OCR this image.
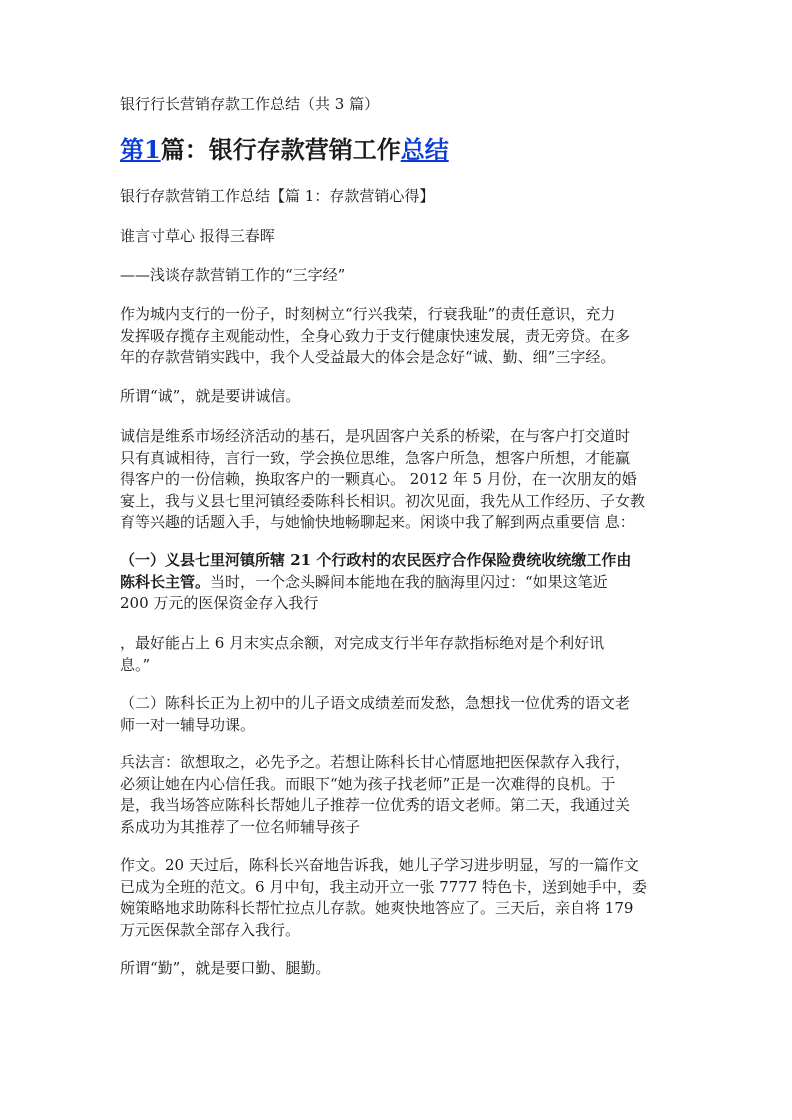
银行行长营销存款工作总结（共 3 篇）
第1篇：银行存款营销工作总结

银行存款营销工作总结【篇 1：存款营销心得】

谁言寸草心 报得三春晖

——浅谈存款营销工作的“三字经”

作为城内支行的一份子，时刻树立“行兴我荣，行衰我耻”的责任意识，充力
发挥吸存揽存主观能动性，全身心致力于支行健康快速发展，责无旁贷。在多
年的存款营销实践中，我个人受益最大的体会是念好“诚、勤、细”三字经。

所谓“诚”，就是要讲诚信。

诚信是维系市场经济活动的基石，是巩固客户关系的桥梁，在与客户打交道时
只有真诚相待，言行一致，学会换位思维，急客户所急，想客户所想，才能赢
得客户的一份信赖，换取客户的一颗真心。 2012 年 5 月份，在一次朋友的婚
宴上，我与义县七里河镇经委陈科长相识。初次见面，我先从工作经历、子女教
育等兴趣的话题入手，与她愉快地畅聊起来。闲谈中我了解到两点重要信 息：

（一）义县七里河镇所辖 21 个行政村的农民医疗合作保险费统收统缴工作由
陈科长主管。当时，一个念头瞬间本能地在我的脑海里闪过：“如果这笔近
200 万元的医保资金存入我行

，最好能占上 6 月末实点余额，对完成支行半年存款指标绝对是个利好讯
息。”

（二）陈科长正为上初中的儿子语文成绩差而发愁，急想找一位优秀的语文老
师一对一辅导功课。

兵法言：欲想取之，必先予之。若想让陈科长甘心情愿地把医保款存入我行，
必须让她在内心信任我。而眼下“她为孩子找老师”正是一次难得的良机。于
是，我当场答应陈科长帮她儿子推荐一位优秀的语文老师。第二天，我通过关
系成功为其推荐了一位名师辅导孩子

作文。20 天过后，陈科长兴奋地告诉我，她儿子学习进步明显，写的一篇作文
已成为全班的范文。6 月中旬，我主动开立一张 7777 特色卡，送到她手中，委
婉策略地求助陈科长帮忙拉点儿存款。她爽快地答应了。三天后，亲自将 179
万元医保款全部存入我行。

所谓“勤”，就是要口勤、腿勤。
